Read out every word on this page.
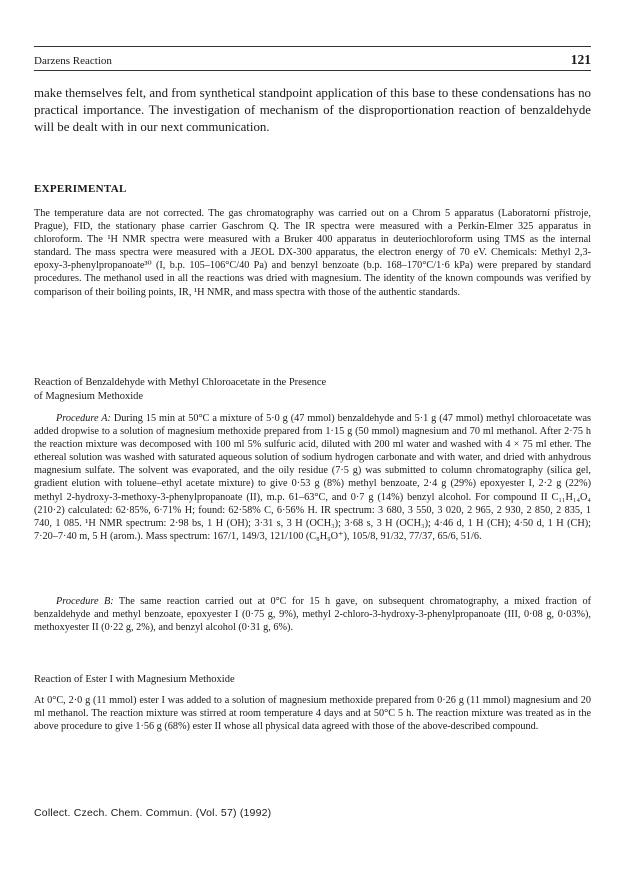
Darzens Reaction	121

make themselves felt, and from synthetical standpoint application of this base to these condensations has no practical importance. The investigation of mechanism of the disproportionation reaction of benzaldehyde will be dealt with in our next communication.

EXPERIMENTAL

The temperature data are not corrected. The gas chromatography was carried out on a Chrom 5 apparatus (Laboratorní přístroje, Prague), FID, the stationary phase carrier Gaschrom Q. The IR spectra were measured with a Perkin-Elmer 325 apparatus in chloroform. The ¹H NMR spectra were measured with a Bruker 400 apparatus in deuteriochloroform using TMS as the internal standard. The mass spectra were measured with a JEOL DX-300 apparatus, the electron energy of 70 eV. Chemicals: Methyl 2,3-epoxy-3-phenylpropanoate³⁰ (I, b.p. 105–106°C/40 Pa) and benzyl benzoate (b.p. 168–170°C/1·6 kPa) were prepared by standard procedures. The methanol used in all the reactions was dried with magnesium. The identity of the known compounds was verified by comparison of their boiling points, IR, ¹H NMR, and mass spectra with those of the authentic standards.

Reaction of Benzaldehyde with Methyl Chloroacetate in the Presence
of Magnesium Methoxide

Procedure A: During 15 min at 50°C a mixture of 5·0 g (47 mmol) benzaldehyde and 5·1 g (47 mmol) methyl chloroacetate was added dropwise to a solution of magnesium methoxide prepared from 1·15 g (50 mmol) magnesium and 70 ml methanol. After 2·75 h the reaction mixture was decomposed with 100 ml 5% sulfuric acid, diluted with 200 ml water and washed with 4 × 75 ml ether. The ethereal solution was washed with saturated aqueous solution of sodium hydrogen carbonate and with water, and dried with anhydrous magnesium sulfate. The solvent was evaporated, and the oily residue (7·5 g) was submitted to column chromatography (silica gel, gradient elution with toluene–ethyl acetate mixture) to give 0·53 g (8%) methyl benzoate, 2·4 g (29%) epoxyester I, 2·2 g (22%) methyl 2-hydroxy-3-methoxy-3-phenylpropanoate (II), m.p. 61–63°C, and 0·7 g (14%) benzyl alcohol. For compound II C₁₁H₁₄O₄ (210·2) calculated: 62·85%, 6·71% H; found: 62·58% C, 6·56% H. IR spectrum: 3 680, 3 550, 3 020, 2 965, 2 930, 2 850, 2 835, 1 740, 1 085. ¹H NMR spectrum: 2·98 bs, 1 H (OH); 3·31 s, 3 H (OCH₃); 3·68 s, 3 H (OCH₃); 4·46 d, 1 H (CH); 4·50 d, 1 H (CH); 7·20–7·40 m, 5 H (arom.). Mass spectrum: 167/1, 149/3, 121/100 (C₈H₉O⁺), 105/8, 91/32, 77/37, 65/6, 51/6.

Procedure B: The same reaction carried out at 0°C for 15 h gave, on subsequent chromatography, a mixed fraction of benzaldehyde and methyl benzoate, epoxyester I (0·75 g, 9%), methyl 2-chloro-3-hydroxy-3-phenylpropanoate (III, 0·08 g, 0·03%), methoxyester II (0·22 g, 2%), and benzyl alcohol (0·31 g, 6%).

Reaction of Ester I with Magnesium Methoxide

At 0°C, 2·0 g (11 mmol) ester I was added to a solution of magnesium methoxide prepared from 0·26 g (11 mmol) magnesium and 20 ml methanol. The reaction mixture was stirred at room temperature 4 days and at 50°C 5 h. The reaction mixture was treated as in the above procedure to give 1·56 g (68%) ester II whose all physical data agreed with those of the above-described compound.

Collect. Czech. Chem. Commun. (Vol. 57) (1992)
